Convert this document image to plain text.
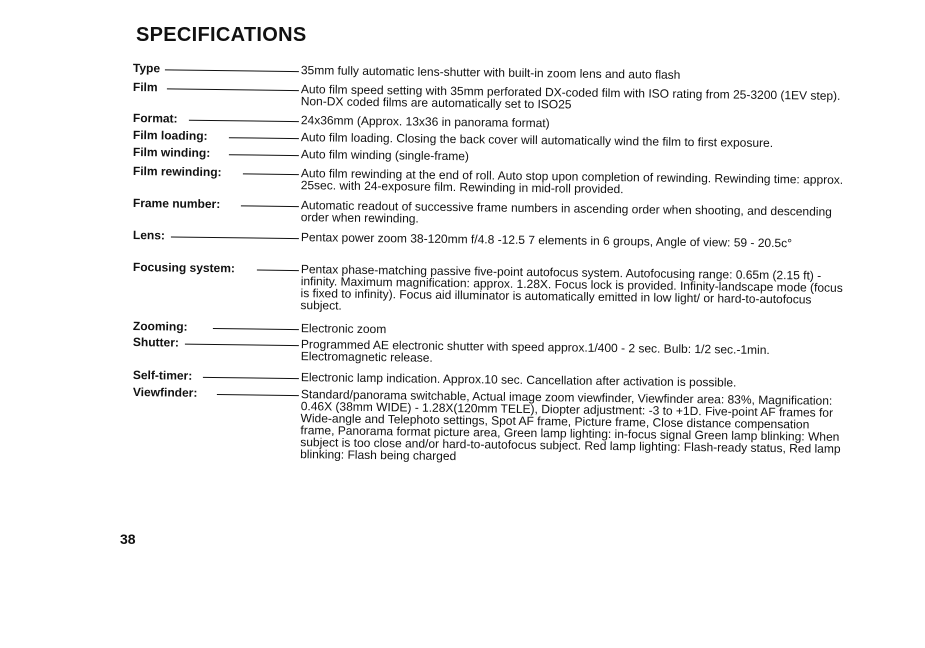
SPECIFICATIONS
Type	35mm fully automatic lens-shutter with built-in zoom lens and auto flash

Film	Auto film speed setting with 35mm perforated DX-coded film with ISO rating from 25-3200 (1EV step). Non-DX coded films are automatically set to ISO25

Format:	24x36mm (Approx. 13x36 in panorama format)

Film loading:	Auto film loading. Closing the back cover will automatically wind the film to first exposure.

Film winding:	Auto film winding (single-frame)

Film rewinding:	Auto film rewinding at the end of roll. Auto stop upon completion of rewinding. Rewinding time: approx. 25sec. with 24-exposure film. Rewinding in mid-roll provided.

Frame number:	Automatic readout of successive frame numbers in ascending order when shooting, and descending order when rewinding.

Lens:	Pentax power zoom 38-120mm f/4.8 -12.5 7 elements in 6 groups, Angle of view: 59 - 20.5c°

Focusing system:	Pentax phase-matching passive five-point autofocus system. Autofocusing range: 0.65m (2.15 ft) - infinity. Maximum magnification: approx. 1.28X. Focus lock is provided. Infinity-landscape mode (focus is fixed to infinity). Focus aid illuminator is automatically emitted in low light/ or hard-to-autofocus subject.

Zooming:	Electronic zoom

Shutter:	Programmed AE electronic shutter with speed approx.1/400 - 2 sec. Bulb: 1/2 sec.-1min. Electromagnetic release.

Self-timer:	Electronic lamp indication. Approx.10 sec. Cancellation after activation is possible.

Viewfinder:	Standard/panorama switchable, Actual image zoom viewfinder, Viewfinder area: 83%, Magnification: 0.46X (38mm WIDE) - 1.28X(120mm TELE), Diopter adjustment: -3 to +1D. Five-point AF frames for Wide-angle and Telephoto settings, Spot AF frame, Picture frame, Close distance compensation frame, Panorama format picture area, Green lamp lighting: in-focus signal Green lamp blinking: When subject is too close and/or hard-to-autofocus subject. Red lamp lighting: Flash-ready status, Red lamp blinking: Flash being charged

38
